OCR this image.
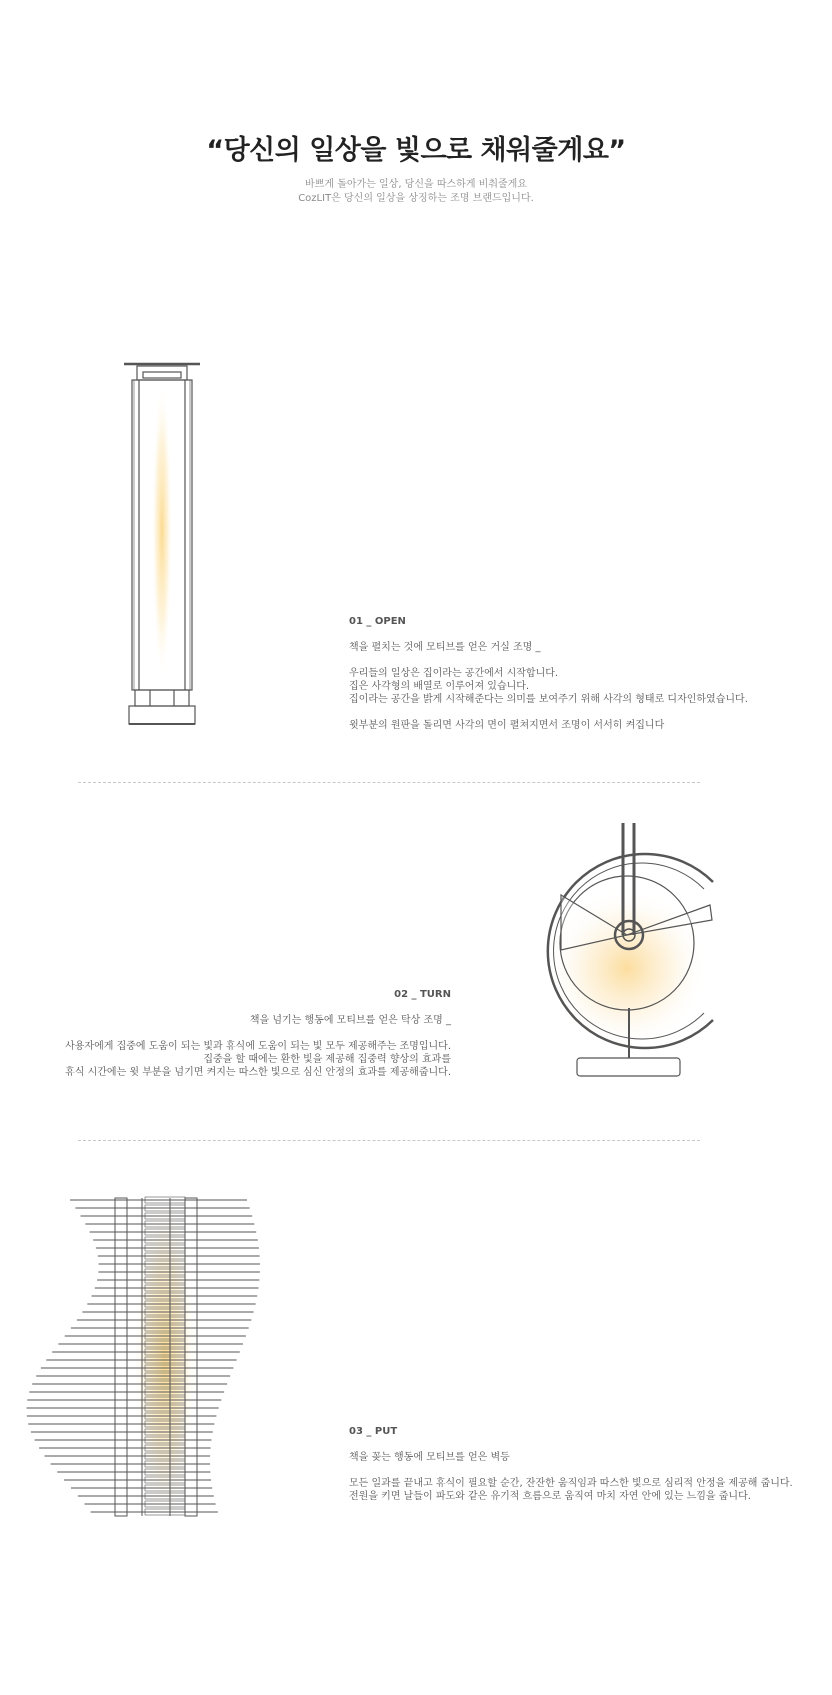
“당신의 일상을 빛으로 채워줄게요”
바쁘게 돌아가는 일상, 당신을 따스하게 비춰줄게요
CozLIT은 당신의 일상을 상징하는 조명 브랜드입니다.
01 _ OPEN
책을 펼치는 것에 모티브를 얻은 거실 조명 _
우리들의 일상은 집이라는 공간에서 시작합니다.
집은 사각형의 배열로 이루어져 있습니다.
집이라는 공간을 밝게 시작해준다는 의미를 보여주기 위해 사각의 형태로 디자인하였습니다.
윗부분의 원판을 돌리면 사각의 면이 펼쳐지면서 조명이 서서히 켜집니다
02 _ TURN
책을 넘기는 행동에 모티브를 얻은 탁상 조명 _
사용자에게 집중에 도움이 되는 빛과 휴식에 도움이 되는 빛 모두 제공해주는 조명입니다.
집중을 할 때에는 환한 빛을 제공해 집중력 향상의 효과를
휴식 시간에는 윗 부분을 넘기면 켜지는 따스한 빛으로 심신 안정의 효과를 제공해줍니다.
03 _ PUT
책을 꽂는 행동에 모티브를 얻은 벽등
모든 일과를 끝내고 휴식이 필요할 순간, 잔잔한 움직임과 따스한 빛으로 심리적 안정을 제공해 줍니다.
전원을 키면 날들이 파도와 같은 유기적 흐름으로 움직여 마치 자연 안에 있는 느낌을 줍니다.
